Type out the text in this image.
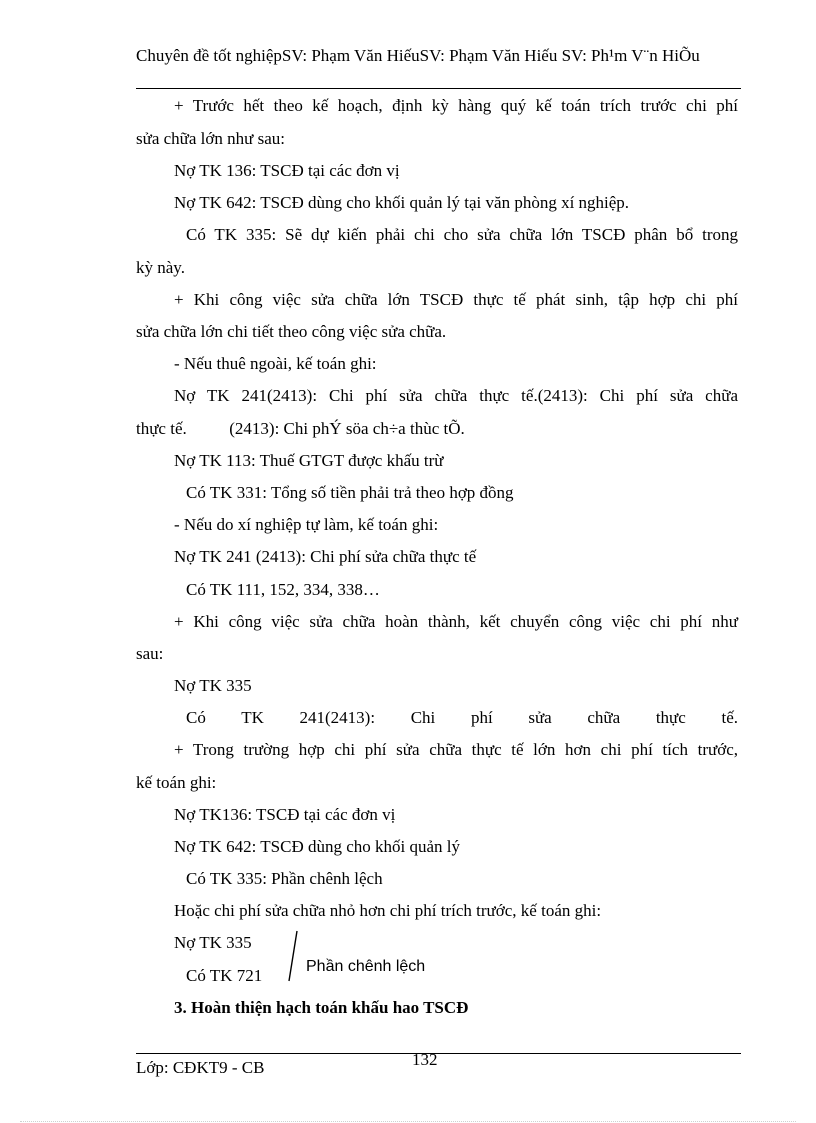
Chuyên đề tốt nghiệpSV: Phạm Văn HiếuSV: Phạm Văn Hiếu SV: Ph¹m V¨n HiÕu
+ Trước hết theo kế hoạch, định kỳ hàng quý kế toán trích trước chi phí
sửa chữa lớn như sau:
Nợ TK 136: TSCĐ tại các đơn vị
Nợ TK 642: TSCĐ dùng cho khối quản lý tại văn phòng xí nghiệp.
Có TK 335: Sẽ dự kiến phải chi cho sửa chữa lớn TSCĐ phân bổ trong
kỳ này.
+ Khi công việc sửa chữa lớn TSCĐ thực tế phát sinh, tập hợp chi phí
sửa chữa lớn chi tiết theo công việc sửa chữa.
- Nếu thuê ngoài, kế toán ghi:
Nợ TK 241(2413): Chi phí sửa chữa thực tế.(2413): Chi phí sửa chữa
thực tế.          (2413): Chi phÝ söa ch÷a thùc tÕ.
Nợ TK 113: Thuế GTGT được khấu trừ
Có TK 331: Tổng số tiền phải trả theo hợp đồng
- Nếu do xí nghiệp tự làm, kế toán ghi:
Nợ TK 241 (2413): Chi phí sửa chữa thực tế
Có TK 111, 152, 334, 338…
+ Khi công việc sửa chữa hoàn thành, kết chuyển công việc chi phí như
sau:
Nợ TK 335
Có TK 241(2413): Chi phí sửa chữa thực tế.
+ Trong trường hợp chi phí sửa chữa thực tế lớn hơn chi phí tích trước,
kế toán ghi:
Nợ TK136: TSCĐ tại các đơn vị
Nợ TK 642: TSCĐ dùng cho khối quản lý
Có TK 335: Phần chênh lệch
Hoặc chi phí sửa chữa nhỏ hơn chi phí trích trước, kế toán ghi:
Nợ TK 335
Có TK 721	Phần chênh lệch
3. Hoàn thiện hạch toán khấu hao TSCĐ
132
Lớp: CĐKT9 - CB
